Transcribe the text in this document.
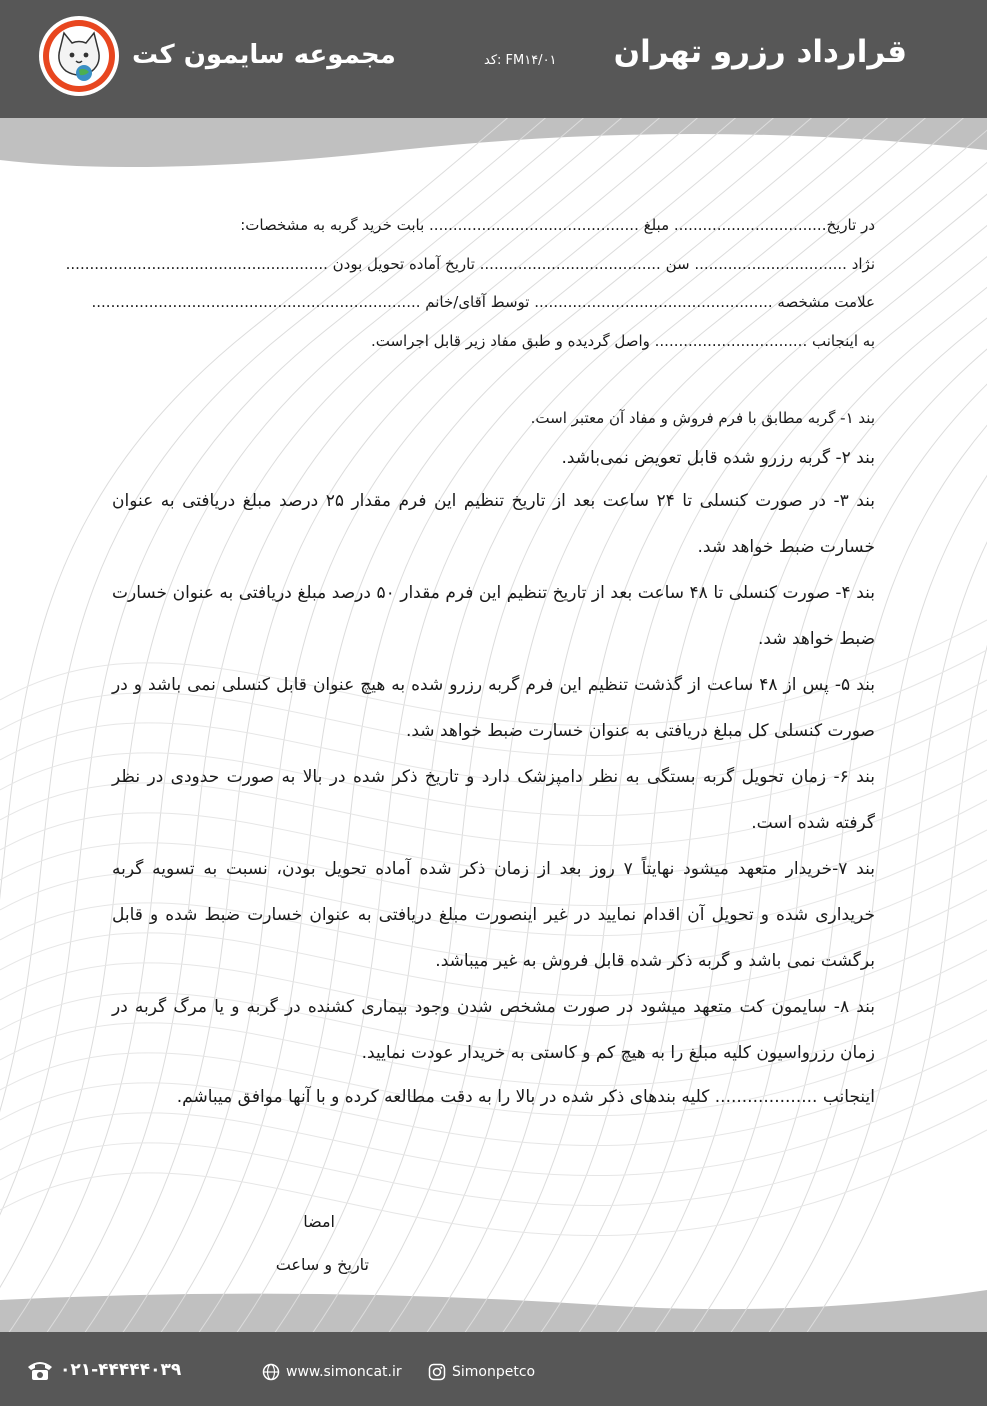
مجموعه سایمون کت	کد: FM۱۴/۰۱ قرارداد رزرو تهران
در تاریخ................................ مبلغ ............................................ بابت خرید گربه به مشخصات:
نژاد ................................ سن ...................................... تاریخ آماده تحویل بودن .......................................................
علامت مشخصه .................................................. توسط آقای/خانم .....................................................................
به اینجانب ................................ واصل گردیده و طبق مفاد زیر قابل اجراست.
بند ۱- گربه مطابق با فرم فروش و مفاد آن معتبر است.
بند ۲- گربه رزرو شده قابل تعویض نمی‌باشد.
بند ۳- در صورت کنسلی تا ۲۴ ساعت بعد از تاریخ تنظیم این فرم مقدار ۲۵ درصد مبلغ دریافتی به عنوان خسارت ضبط خواهد شد.
بند ۴- صورت کنسلی تا ۴۸ ساعت بعد از تاریخ تنظیم این فرم مقدار ۵۰ درصد مبلغ دریافتی به عنوان خسارت ضبط خواهد شد.
بند ۵- پس از ۴۸ ساعت از گذشت تنظیم این فرم گربه رزرو شده به هیچ عنوان قابل کنسلی نمی باشد و در صورت کنسلی کل مبلغ دریافتی به عنوان خسارت ضبط خواهد شد.
بند ۶- زمان تحویل گربه بستگی به نظر دامپزشک دارد و تاریخ ذکر شده در بالا به صورت حدودی در نظر گرفته شده است.
بند ۷-خریدار متعهد میشود نهایتاً ۷ روز بعد از زمان ذکر شده آماده تحویل بودن، نسبت به تسویه گربه خریداری شده و تحویل آن اقدام نمایید در غیر اینصورت مبلغ دریافتی به عنوان خسارت ضبط شده و قابل برگشت نمی باشد و گربه ذکر شده قابل فروش به غیر میباشد.
بند ۸- سایمون کت متعهد میشود در صورت مشخص شدن وجود بیماری کشنده در گربه و یا مرگ گربه در زمان رزرواسیون کلیه مبلغ را به هیچ کم و کاستی به خریدار عودت نمایید.
اینجانب ................... کلیه بندهای ذکر شده در بالا را به دقت مطالعه کرده و با آنها موافق میباشم.
امضا
تاریخ و ساعت
۰۲۱-۴۴۴۴۴۰۳۹	www.simoncat.ir	Simonpetco
